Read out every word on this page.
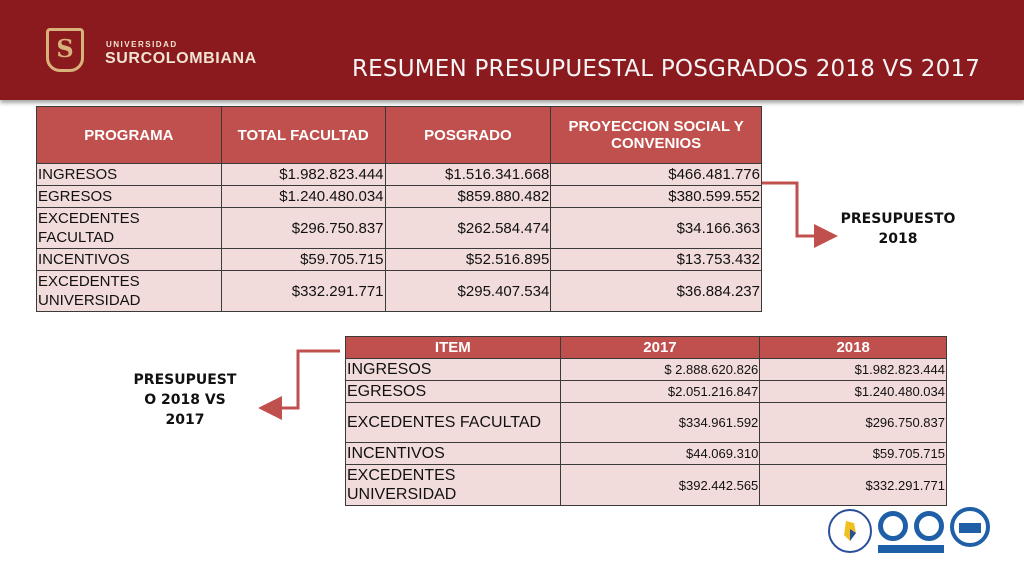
S	UNIVERSIDAD
SURCOLOMBIANA	RESUMEN PRESUPUESTAL POSGRADOS 2018 VS 2017
PROGRAMA	TOTAL FACULTAD	POSGRADO	PROYECCION SOCIAL Y CONVENIOS
INGRESOS	$1.982.823.444	$1.516.341.668	$466.481.776
EGRESOS	$1.240.480.034	$859.880.482	$380.599.552
EXCEDENTES FACULTAD	$296.750.837	$262.584.474	$34.166.363
INCENTIVOS	$59.705.715	$52.516.895	$13.753.432
EXCEDENTES UNIVERSIDAD	$332.291.771	$295.407.534	$36.884.237
ITEM	2017	2018
INGRESOS	$ 2.888.620.826	$1.982.823.444
EGRESOS	$2.051.216.847	$1.240.480.034
EXCEDENTES FACULTAD	$334.961.592	$296.750.837
INCENTIVOS	$44.069.310	$59.705.715
EXCEDENTES UNIVERSIDAD	$392.442.565	$332.291.771
PRESUPUESTO
2018
PRESUPUEST
O 2018 VS
2017
